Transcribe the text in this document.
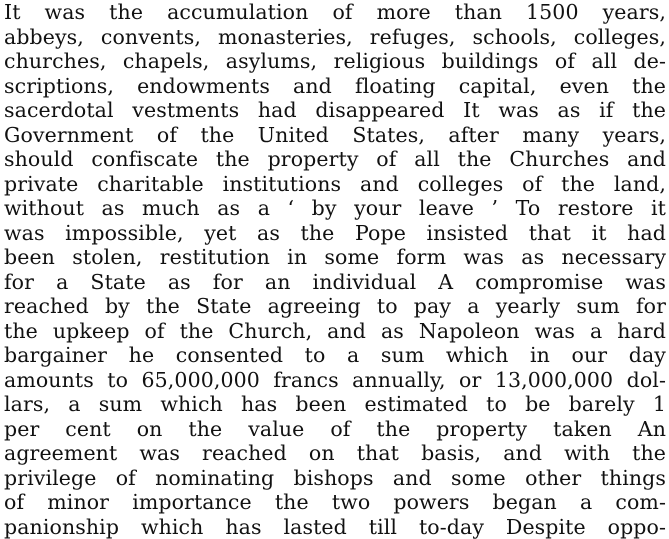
It was the accumulation of more than 1500 years,
abbeys, convents, monasteries, refuges, schools, colleges,
churches, chapels, asylums, religious buildings of all de-
scriptions, endowments and floating capital, even the
sacerdotal vestments had disappeared It was as if the
Government of the United States, after many years,
should confiscate the property of all the Churches and
private charitable institutions and colleges of the land,
without as much as a ‘ by your leave ’ To restore it
was impossible, yet as the Pope insisted that it had
been stolen, restitution in some form was as necessary
for a State as for an individual A compromise was
reached by the State agreeing to pay a yearly sum for
the upkeep of the Church, and as Napoleon was a hard
bargainer he consented to a sum which in our day
amounts to 65,000,000 francs annually, or 13,000,000 dol-
lars, a sum which has been estimated to be barely 1
per cent on the value of the property taken An
agreement was reached on that basis, and with the
privilege of nominating bishops and some other things
of minor importance the two powers began a com-
panionship which has lasted till to-day Despite oppo-
